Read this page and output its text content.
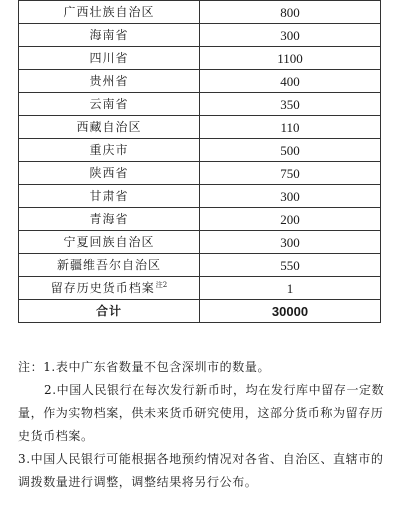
广西壮族自治区	800
海南省	300
四川省	1100
贵州省	400
云南省	350
西藏自治区	110
重庆市	500
陕西省	750
甘肃省	300
青海省	200
宁夏回族自治区	300
新疆维吾尔自治区	550
留存历史货币档案$^{注2}$	1
合计	30000

注：1.表中广东省数量不包含深圳市的数量。

2.中国人民银行在每次发行新币时，均在发行库中留存一定数量，作为实物档案，供未来货币研究使用，这部分货币称为留存历史货币档案。

3.中国人民银行可能根据各地预约情况对各省、自治区、直辖市的调拨数量进行调整，调整结果将另行公布。
